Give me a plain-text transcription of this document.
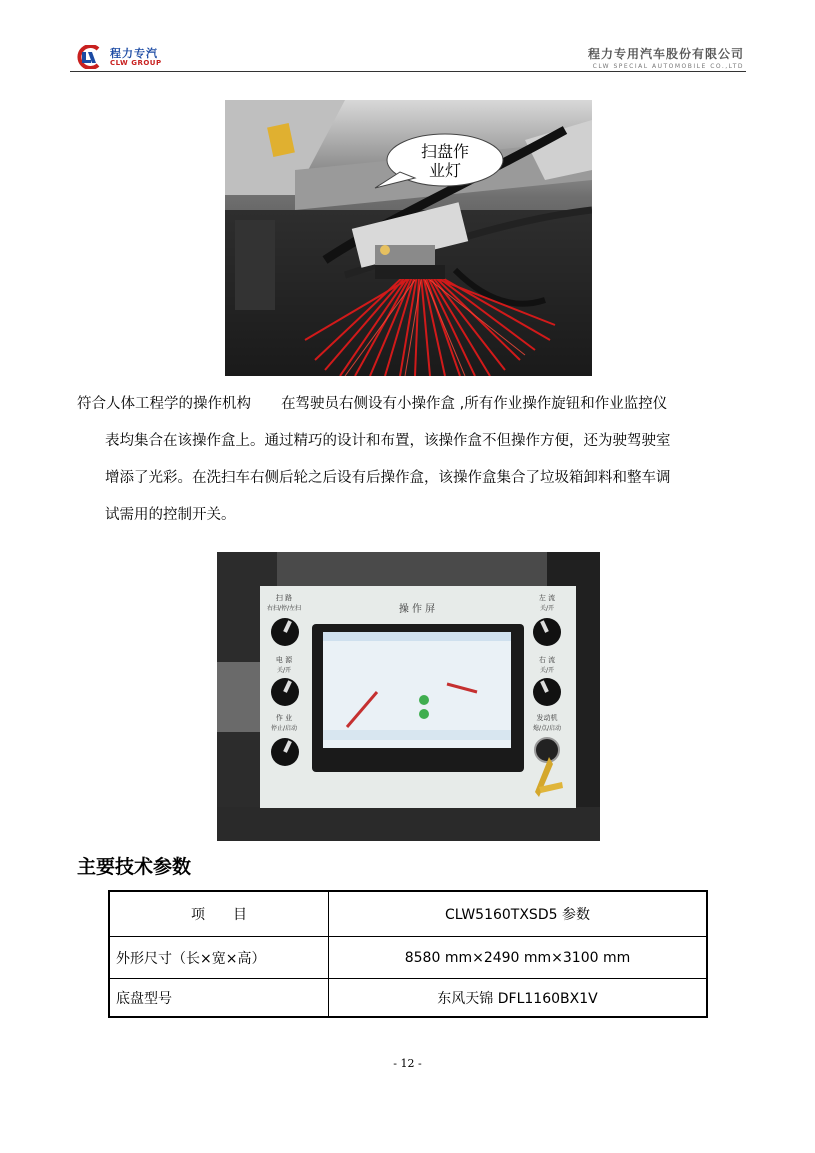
程力专汽
CLW GROUP
程力专用汽车股份有限公司
CLW SPECIAL AUTOMOBILE CO.,LTD
扫盘作
业灯
符合人体工程学的操作机构 在驾驶员右侧设有小操作盒 ,所有作业操作旋钮和作业监控仪
表均集合在该操作盒上。通过精巧的设计和布置，该操作盒不但操作方便，还为驶驾驶室
增添了光彩。在洗扫车右侧后轮之后设有后操作盒，该操作盒集合了垃圾箱卸料和整车调
试需用的控制开关。
操 作 屏
扫 路
右扫/停/左扫
电 源
关/开
作 业
停止/启动
左 流
关/开
右 流
关/开
发动机
熄/点/启动
主要技术参数
项　　目	CLW5160TXSD5 参数
外形尺寸（长×宽×高）	8580 mm×2490 mm×3100 mm
底盘型号	东风天锦 DFL1160BX1V
- 12 -
